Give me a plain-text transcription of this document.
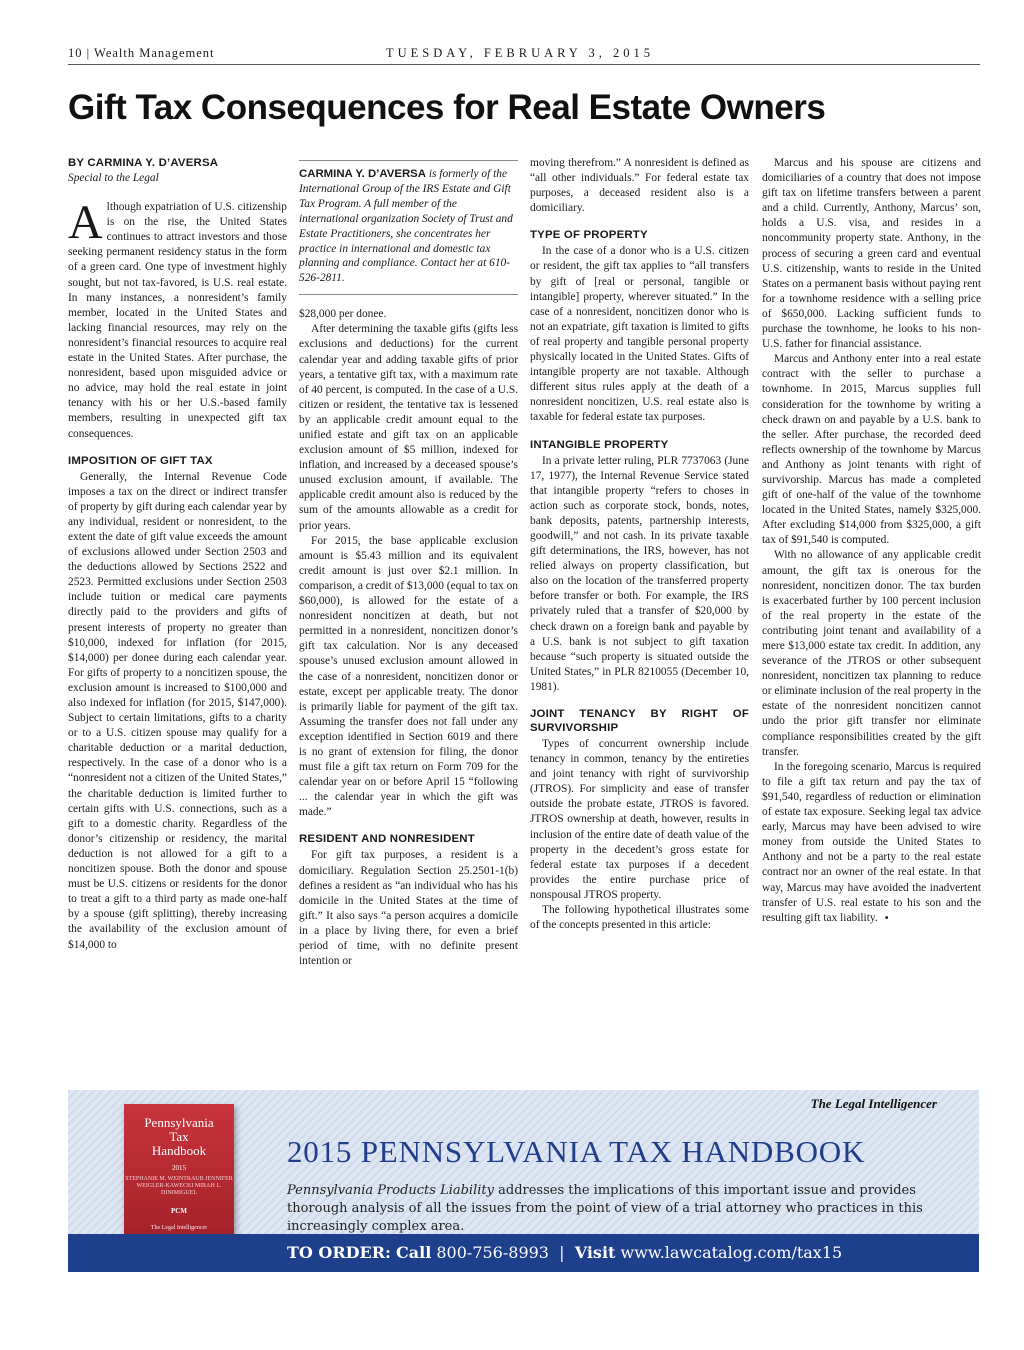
10 | Wealth Management	TUESDAY, FEBRUARY 3, 2015
Gift Tax Consequences for Real Estate Owners
BY CARMINA Y. D’AVERSA
Special to the Legal

Although expatriation of U.S. citizenship is on the rise, the United States continues to attract investors and those seeking permanent residency status in the form of a green card. One type of investment highly sought, but not tax-favored, is U.S. real estate. In many instances, a nonresident’s family member, located in the United States and lacking financial resources, may rely on the nonresident’s financial resources to acquire real estate in the United States. After purchase, the nonresident, based upon misguided advice or no advice, may hold the real estate in joint tenancy with his or her U.S.-based family members, resulting in unexpected gift tax consequences.

IMPOSITION OF GIFT TAX

Generally, the Internal Revenue Code imposes a tax on the direct or indirect transfer of property by gift during each calendar year by any individual, resident or nonresident, to the extent the date of gift value exceeds the amount of exclusions allowed under Section 2503 and the deductions allowed by Sections 2522 and 2523. Permitted exclusions under Section 2503 include tuition or medical care payments directly paid to the providers and gifts of present interests of property no greater than $10,000, indexed for inflation (for 2015, $14,000) per donee during each calendar year. For gifts of property to a noncitizen spouse, the exclusion amount is increased to $100,000 and also indexed for inflation (for 2015, $147,000). Subject to certain limitations, gifts to a charity or to a U.S. citizen spouse may qualify for a charitable deduction or a marital deduction, respectively. In the case of a donor who is a “nonresident not a citizen of the United States,” the charitable deduction is limited further to certain gifts with U.S. connections, such as a gift to a domestic charity. Regardless of the donor’s citizenship or residency, the marital deduction is not allowed for a gift to a noncitizen spouse. Both the donor and spouse must be U.S. citizens or residents for the donor to treat a gift to a third party as made one-half by a spouse (gift splitting), thereby increasing the availability of the exclusion amount of $14,000 to

CARMINA Y. D’AVERSA is formerly of the International Group of the IRS Estate and Gift Tax Program. A full member of the international organization Society of Trust and Estate Practitioners, she concentrates her practice in international and domestic tax planning and compliance. Contact her at 610-526-2811.

$28,000 per donee.

After determining the taxable gifts (gifts less exclusions and deductions) for the current calendar year and adding taxable gifts of prior years, a tentative gift tax, with a maximum rate of 40 percent, is computed. In the case of a U.S. citizen or resident, the tentative tax is lessened by an applicable credit amount equal to the unified estate and gift tax on an applicable exclusion amount of $5 million, indexed for inflation, and increased by a deceased spouse’s unused exclusion amount, if available. The applicable credit amount also is reduced by the sum of the amounts allowable as a credit for prior years.

For 2015, the base applicable exclusion amount is $5.43 million and its equivalent credit amount is just over $2.1 million. In comparison, a credit of $13,000 (equal to tax on $60,000), is allowed for the estate of a nonresident noncitizen at death, but not permitted in a nonresident, noncitizen donor’s gift tax calculation. Nor is any deceased spouse’s unused exclusion amount allowed in the case of a nonresident, noncitizen donor or estate, except per applicable treaty. The donor is primarily liable for payment of the gift tax. Assuming the transfer does not fall under any exception identified in Section 6019 and there is no grant of extension for filing, the donor must file a gift tax return on Form 709 for the calendar year on or before April 15 “following ... the calendar year in which the gift was made.”

RESIDENT AND NONRESIDENT

For gift tax purposes, a resident is a domiciliary. Regulation Section 25.2501-1(b) defines a resident as “an individual who has his domicile in the United States at the time of gift.” It also says “a person acquires a domicile in a place by living there, for even a brief period of time, with no definite present intention or

moving therefrom.” A nonresident is defined as “all other individuals.” For federal estate tax purposes, a deceased resident also is a domiciliary.

TYPE OF PROPERTY

In the case of a donor who is a U.S. citizen or resident, the gift tax applies to “all transfers by gift of [real or personal, tangible or intangible] property, wherever situated.” In the case of a nonresident, noncitizen donor who is not an expatriate, gift taxation is limited to gifts of real property and tangible personal property physically located in the United States. Gifts of intangible property are not taxable. Although different situs rules apply at the death of a nonresident noncitizen, U.S. real estate also is taxable for federal estate tax purposes.

INTANGIBLE PROPERTY

In a private letter ruling, PLR 7737063 (June 17, 1977), the Internal Revenue Service stated that intangible property “refers to choses in action such as corporate stock, bonds, notes, bank deposits, patents, partnership interests, goodwill,” and not cash. In its private taxable gift determinations, the IRS, however, has not relied always on property classification, but also on the location of the transferred property before transfer or both. For example, the IRS privately ruled that a transfer of $20,000 by check drawn on a foreign bank and payable by a U.S. bank is not subject to gift taxation because “such property is situated outside the United States,” in PLR 8210055 (December 10, 1981).

JOINT TENANCY BY RIGHT OF SURVIVORSHIP

Types of concurrent ownership include tenancy in common, tenancy by the entireties and joint tenancy with right of survivorship (JTROS). For simplicity and ease of transfer outside the probate estate, JTROS is favored. JTROS ownership at death, however, results in inclusion of the entire date of death value of the property in the decedent’s gross estate for federal estate tax purposes if a decedent provides the entire purchase price of nonspousal JTROS property.

The following hypothetical illustrates some of the concepts presented in this article:

Marcus and his spouse are citizens and domiciliaries of a country that does not impose gift tax on lifetime transfers between a parent and a child. Currently, Anthony, Marcus’ son, holds a U.S. visa, and resides in a noncommunity property state. Anthony, in the process of securing a green card and eventual U.S. citizenship, wants to reside in the United States on a permanent basis without paying rent for a townhome residence with a selling price of $650,000. Lacking sufficient funds to purchase the townhome, he looks to his non-U.S. father for financial assistance.

Marcus and Anthony enter into a real estate contract with the seller to purchase a townhome. In 2015, Marcus supplies full consideration for the townhome by writing a check drawn on and payable by a U.S. bank to the seller. After purchase, the recorded deed reflects ownership of the townhome by Marcus and Anthony as joint tenants with right of survivorship. Marcus has made a completed gift of one-half of the value of the townhome located in the United States, namely $325,000. After excluding $14,000 from $325,000, a gift tax of $91,540 is computed.

With no allowance of any applicable credit amount, the gift tax is onerous for the nonresident, noncitizen donor. The tax burden is exacerbated further by 100 percent inclusion of the real property in the estate of the contributing joint tenant and availability of a mere $13,000 estate tax credit. In addition, any severance of the JTROS or other subsequent nonresident, noncitizen tax planning to reduce or eliminate inclusion of the real property in the estate of the nonresident noncitizen cannot undo the prior gift transfer nor eliminate compliance responsibilities created by the gift transfer.

In the foregoing scenario, Marcus is required to file a gift tax return and pay the tax of $91,540, regardless of reduction or elimination of estate tax exposure. Seeking legal tax advice early, Marcus may have been advised to wire money from outside the United States to Anthony and not be a party to the real estate contract nor an owner of the real estate. In that way, Marcus may have avoided the inadvertent transfer of U.S. real estate to his son and the resulting gift tax liability. •

Pennsylvania
Tax
Handbook
2015
STEPHANIE M. WEINTRAUB JENNIFER WEIGLER-KAWECKI MIRAH L. DINIMIGUEL
PCM
The Legal Intelligencer
The Legal Intelligencer
2015 PENNSYLVANIA TAX HANDBOOK
Pennsylvania Products Liability addresses the implications of this important issue and provides thorough analysis of all the issues from the point of view of a trial attorney who practices in this increasingly complex area.
TO ORDER: Call 800-756-8993 | Visit www.lawcatalog.com/tax15
